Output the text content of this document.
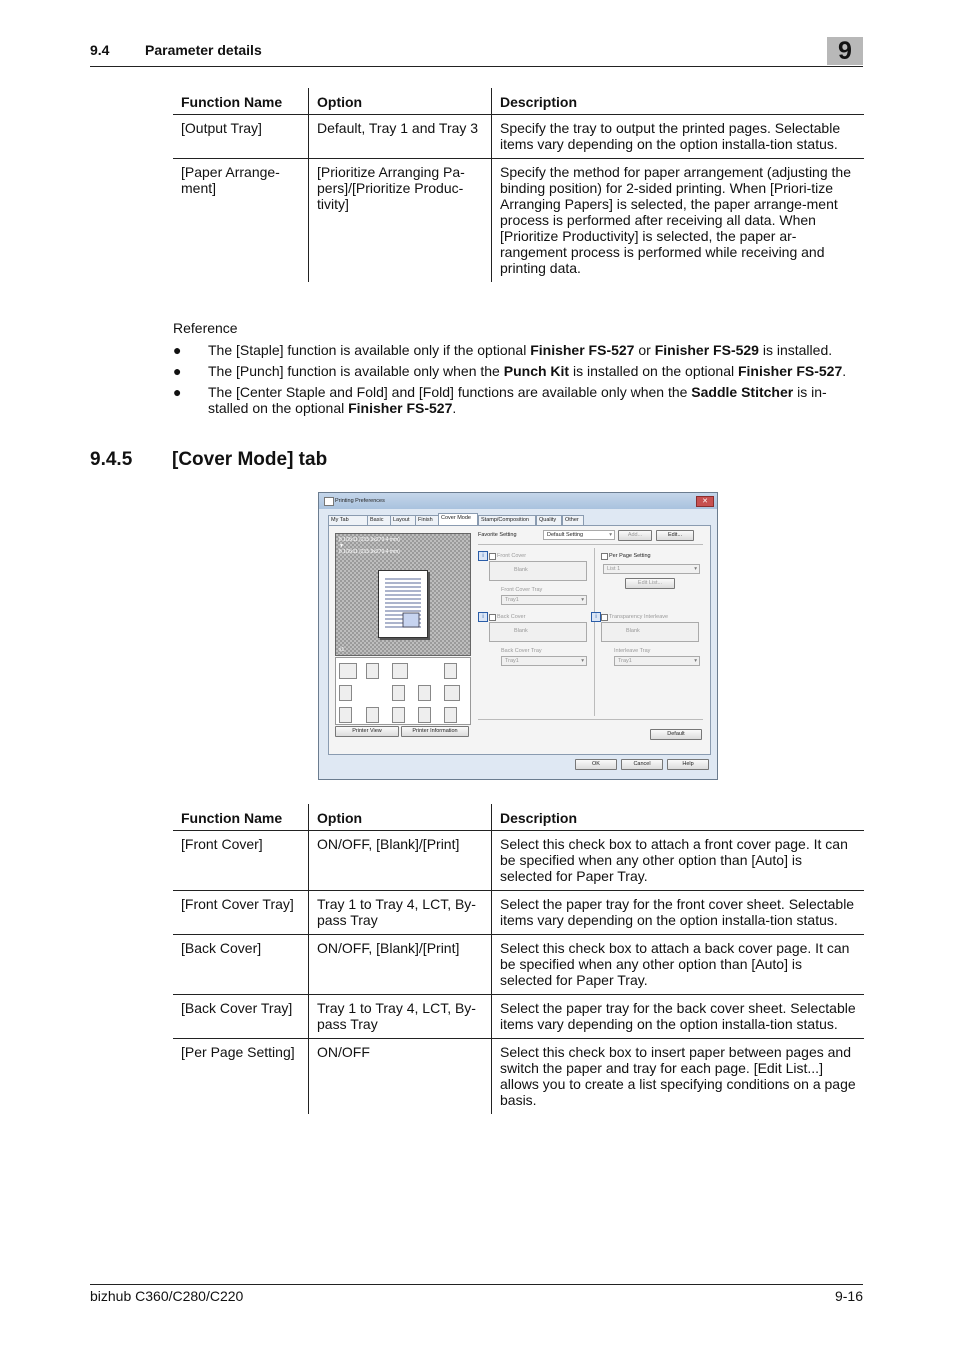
9.4	Parameter details	9
Function Name	Option	Description
[Output Tray]	Default, Tray 1 and Tray 3	Specify the tray to output the printed pages. Selectable items vary depending on the option installa-tion status.
[Paper Arrange-ment]	[Prioritize Arranging Pa-pers]/[Prioritize Produc-tivity]	Specify the method for paper arrangement (adjusting the binding position) for 2-sided printing. When [Priori-tize Arranging Papers] is selected, the paper arrange-ment process is performed after receiving all data. When [Prioritize Productivity] is selected, the paper ar-rangement process is performed while receiving and printing data.
Reference
● The [Staple] function is available only if the optional Finisher FS-527 or Finisher FS-529 is installed.
● The [Punch] function is available only when the Punch Kit is installed on the optional Finisher FS-527.
● The [Center Staple and Fold] and [Fold] functions are available only when the Saddle Stitcher is in-stalled on the optional Finisher FS-527.
9.4.5 [Cover Mode] tab
Printing Preferences	✕
My Tab	Basic	Layout	Finish	Cover Mode	Stamp/Composition	Quality	Other
8 1/2x11 (215.9x279.4 mm)
▼
8 1/2x11 (215.9x279.4 mm)
x1
Printer View	Printer Information
Favorite Setting	Default Setting ▾	Add...	Edit...
i	Front Cover
Blank
Front Cover Tray
Tray1 ▾
i	Back Cover
Blank
Back Cover Tray
Tray1 ▾
Per Page Setting
List 1 ▾
Edit List...
i	Transparency Interleave
Blank
Interleave Tray
Tray1 ▾
Default
OK	Cancel	Help
Function Name	Option	Description
[Front Cover]	ON/OFF, [Blank]/[Print]	Select this check box to attach a front cover page. It can be specified when any other option than [Auto] is selected for Paper Tray.
[Front Cover Tray]	Tray 1 to Tray 4, LCT, By-pass Tray	Select the paper tray for the front cover sheet. Selectable items vary depending on the option installa-tion status.
[Back Cover]	ON/OFF, [Blank]/[Print]	Select this check box to attach a back cover page. It can be specified when any other option than [Auto] is selected for Paper Tray.
[Back Cover Tray]	Tray 1 to Tray 4, LCT, By-pass Tray	Select the paper tray for the back cover sheet. Selectable items vary depending on the option installa-tion status.
[Per Page Setting]	ON/OFF	Select this check box to insert paper between pages and switch the paper and tray for each page. [Edit List...] allows you to create a list specifying conditions on a page basis.
bizhub C360/C280/C220	9-16
